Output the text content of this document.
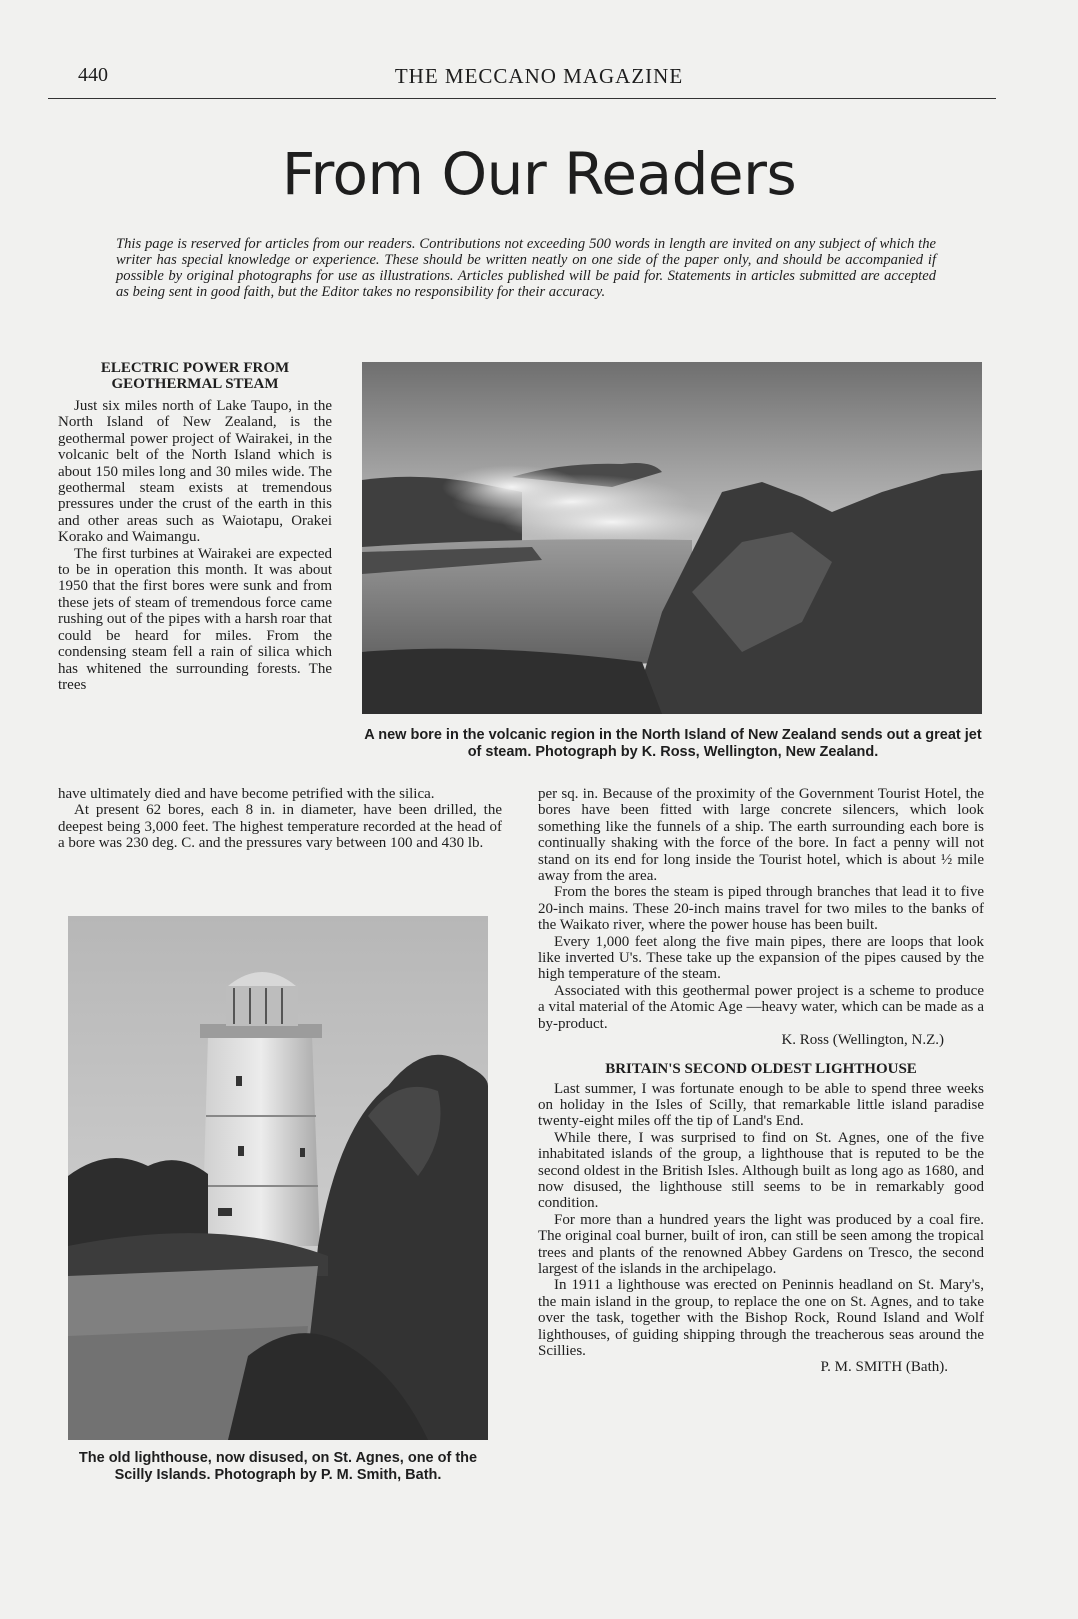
440	THE MECCANO MAGAZINE
From Our Readers
This page is reserved for articles from our readers. Contributions not exceeding 500 words in length are invited on any subject of which the writer has special knowledge or experience. These should be written neatly on one side of the paper only, and should be accompanied if possible by original photographs for use as illustrations. Articles published will be paid for. Statements in articles submitted are accepted as being sent in good faith, but the Editor takes no responsibility for their accuracy.
ELECTRIC POWER FROM GEOTHERMAL STEAM

Just six miles north of Lake Taupo, in the North Island of New Zealand, is the geothermal power project of Wairakei, in the volcanic belt of the North Island which is about 150 miles long and 30 miles wide. The geothermal steam exists at tremendous pressures under the crust of the earth in this and other areas such as Waiotapu, Orakei Korako and Waimangu.

The first turbines at Wairakei are expected to be in operation this month. It was about 1950 that the first bores were sunk and from these jets of steam of tremendous force came rushing out of the pipes with a harsh roar that could be heard for miles. From the condensing steam fell a rain of silica which has whitened the surrounding forests. The trees

A new bore in the volcanic region in the North Island of New Zealand sends out a great jet of steam. Photograph by K. Ross, Wellington, New Zealand.

have ultimately died and have become petrified with the silica.

At present 62 bores, each 8 in. in diameter, have been drilled, the deepest being 3,000 feet. The highest temperature recorded at the head of a bore was 230 deg. C. and the pressures vary between 100 and 430 lb.

The old lighthouse, now disused, on St. Agnes, one of the Scilly Islands. Photograph by P. M. Smith, Bath.

per sq. in. Because of the proximity of the Government Tourist Hotel, the bores have been fitted with large concrete silencers, which look something like the funnels of a ship. The earth surrounding each bore is continually shaking with the force of the bore. In fact a penny will not stand on its end for long inside the Tourist hotel, which is about ½ mile away from the area.

From the bores the steam is piped through branches that lead it to five 20-inch mains. These 20-inch mains travel for two miles to the banks of the Waikato river, where the power house has been built.

Every 1,000 feet along the five main pipes, there are loops that look like inverted U's. These take up the expansion of the pipes caused by the high temperature of the steam.

Associated with this geothermal power project is a scheme to produce a vital material of the Atomic Age —heavy water, which can be made as a by-product.

K. Ross (Wellington, N.Z.)
BRITAIN'S SECOND OLDEST LIGHTHOUSE

Last summer, I was fortunate enough to be able to spend three weeks on holiday in the Isles of Scilly, that remarkable little island paradise twenty-eight miles off the tip of Land's End.

While there, I was surprised to find on St. Agnes, one of the five inhabitated islands of the group, a lighthouse that is reputed to be the second oldest in the British Isles. Although built as long ago as 1680, and now disused, the lighthouse still seems to be in remarkably good condition.

For more than a hundred years the light was produced by a coal fire. The original coal burner, built of iron, can still be seen among the tropical trees and plants of the renowned Abbey Gardens on Tresco, the second largest of the islands in the archipelago.

In 1911 a lighthouse was erected on Peninnis headland on St. Mary's, the main island in the group, to replace the one on St. Agnes, and to take over the task, together with the Bishop Rock, Round Island and Wolf lighthouses, of guiding shipping through the treacherous seas around the Scillies.

P. M. SMITH (Bath).
